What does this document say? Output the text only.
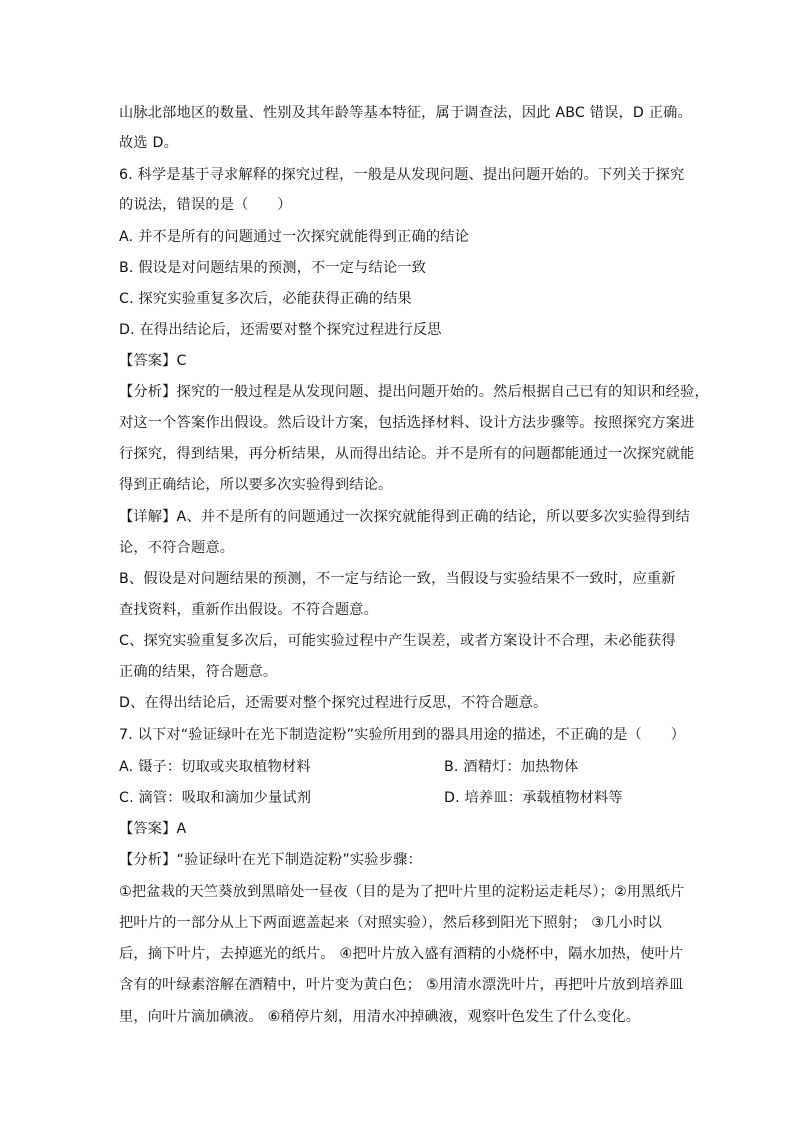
山脉北部地区的数量、性别及其年龄等基本特征，属于调查法，因此 ABC 错误，D 正确。
故选 D。
6. 科学是基于寻求解释的探究过程，一般是从发现问题、提出问题开始的。下列关于探究
的说法，错误的是（　　）
A. 并不是所有的问题通过一次探究就能得到正确的结论
B. 假设是对问题结果的预测，不一定与结论一致
C. 探究实验重复多次后，必能获得正确的结果
D. 在得出结论后，还需要对整个探究过程进行反思
【答案】C
【分析】探究的一般过程是从发现问题、提出问题开始的。然后根据自己已有的知识和经验，
对这一个答案作出假设。然后设计方案，包括选择材料、设计方法步骤等。按照探究方案进
行探究，得到结果，再分析结果，从而得出结论。并不是所有的问题都能通过一次探究就能
得到正确结论，所以要多次实验得到结论。
【详解】A、并不是所有的问题通过一次探究就能得到正确的结论，所以要多次实验得到结
论，不符合题意。
B、假设是对问题结果的预测，不一定与结论一致，当假设与实验结果不一致时，应重新
查找资料，重新作出假设。不符合题意。
C、探究实验重复多次后，可能实验过程中产生误差，或者方案设计不合理，未必能获得
正确的结果，符合题意。
D、在得出结论后，还需要对整个探究过程进行反思，不符合题意。
7. 以下对“验证绿叶在光下制造淀粉”实验所用到的器具用途的描述，不正确的是（　　）
A. 镊子：切取或夹取植物材料	B. 酒精灯：加热物体
C. 滴管：吸取和滴加少量试剂	D. 培养皿：承载植物材料等
【答案】A
【分析】“验证绿叶在光下制造淀粉”实验步骤：
①把盆栽的天竺葵放到黑暗处一昼夜（目的是为了把叶片里的淀粉运走耗尽）；②用黑纸片
把叶片的一部分从上下两面遮盖起来（对照实验），然后移到阳光下照射； ③几小时以
后，摘下叶片，去掉遮光的纸片。 ④把叶片放入盛有酒精的小烧杯中，隔水加热，使叶片
含有的叶绿素溶解在酒精中，叶片变为黄白色； ⑤用清水漂洗叶片，再把叶片放到培养皿
里，向叶片滴加碘液。 ⑥稍停片刻，用清水冲掉碘液，观察叶色发生了什么变化。
